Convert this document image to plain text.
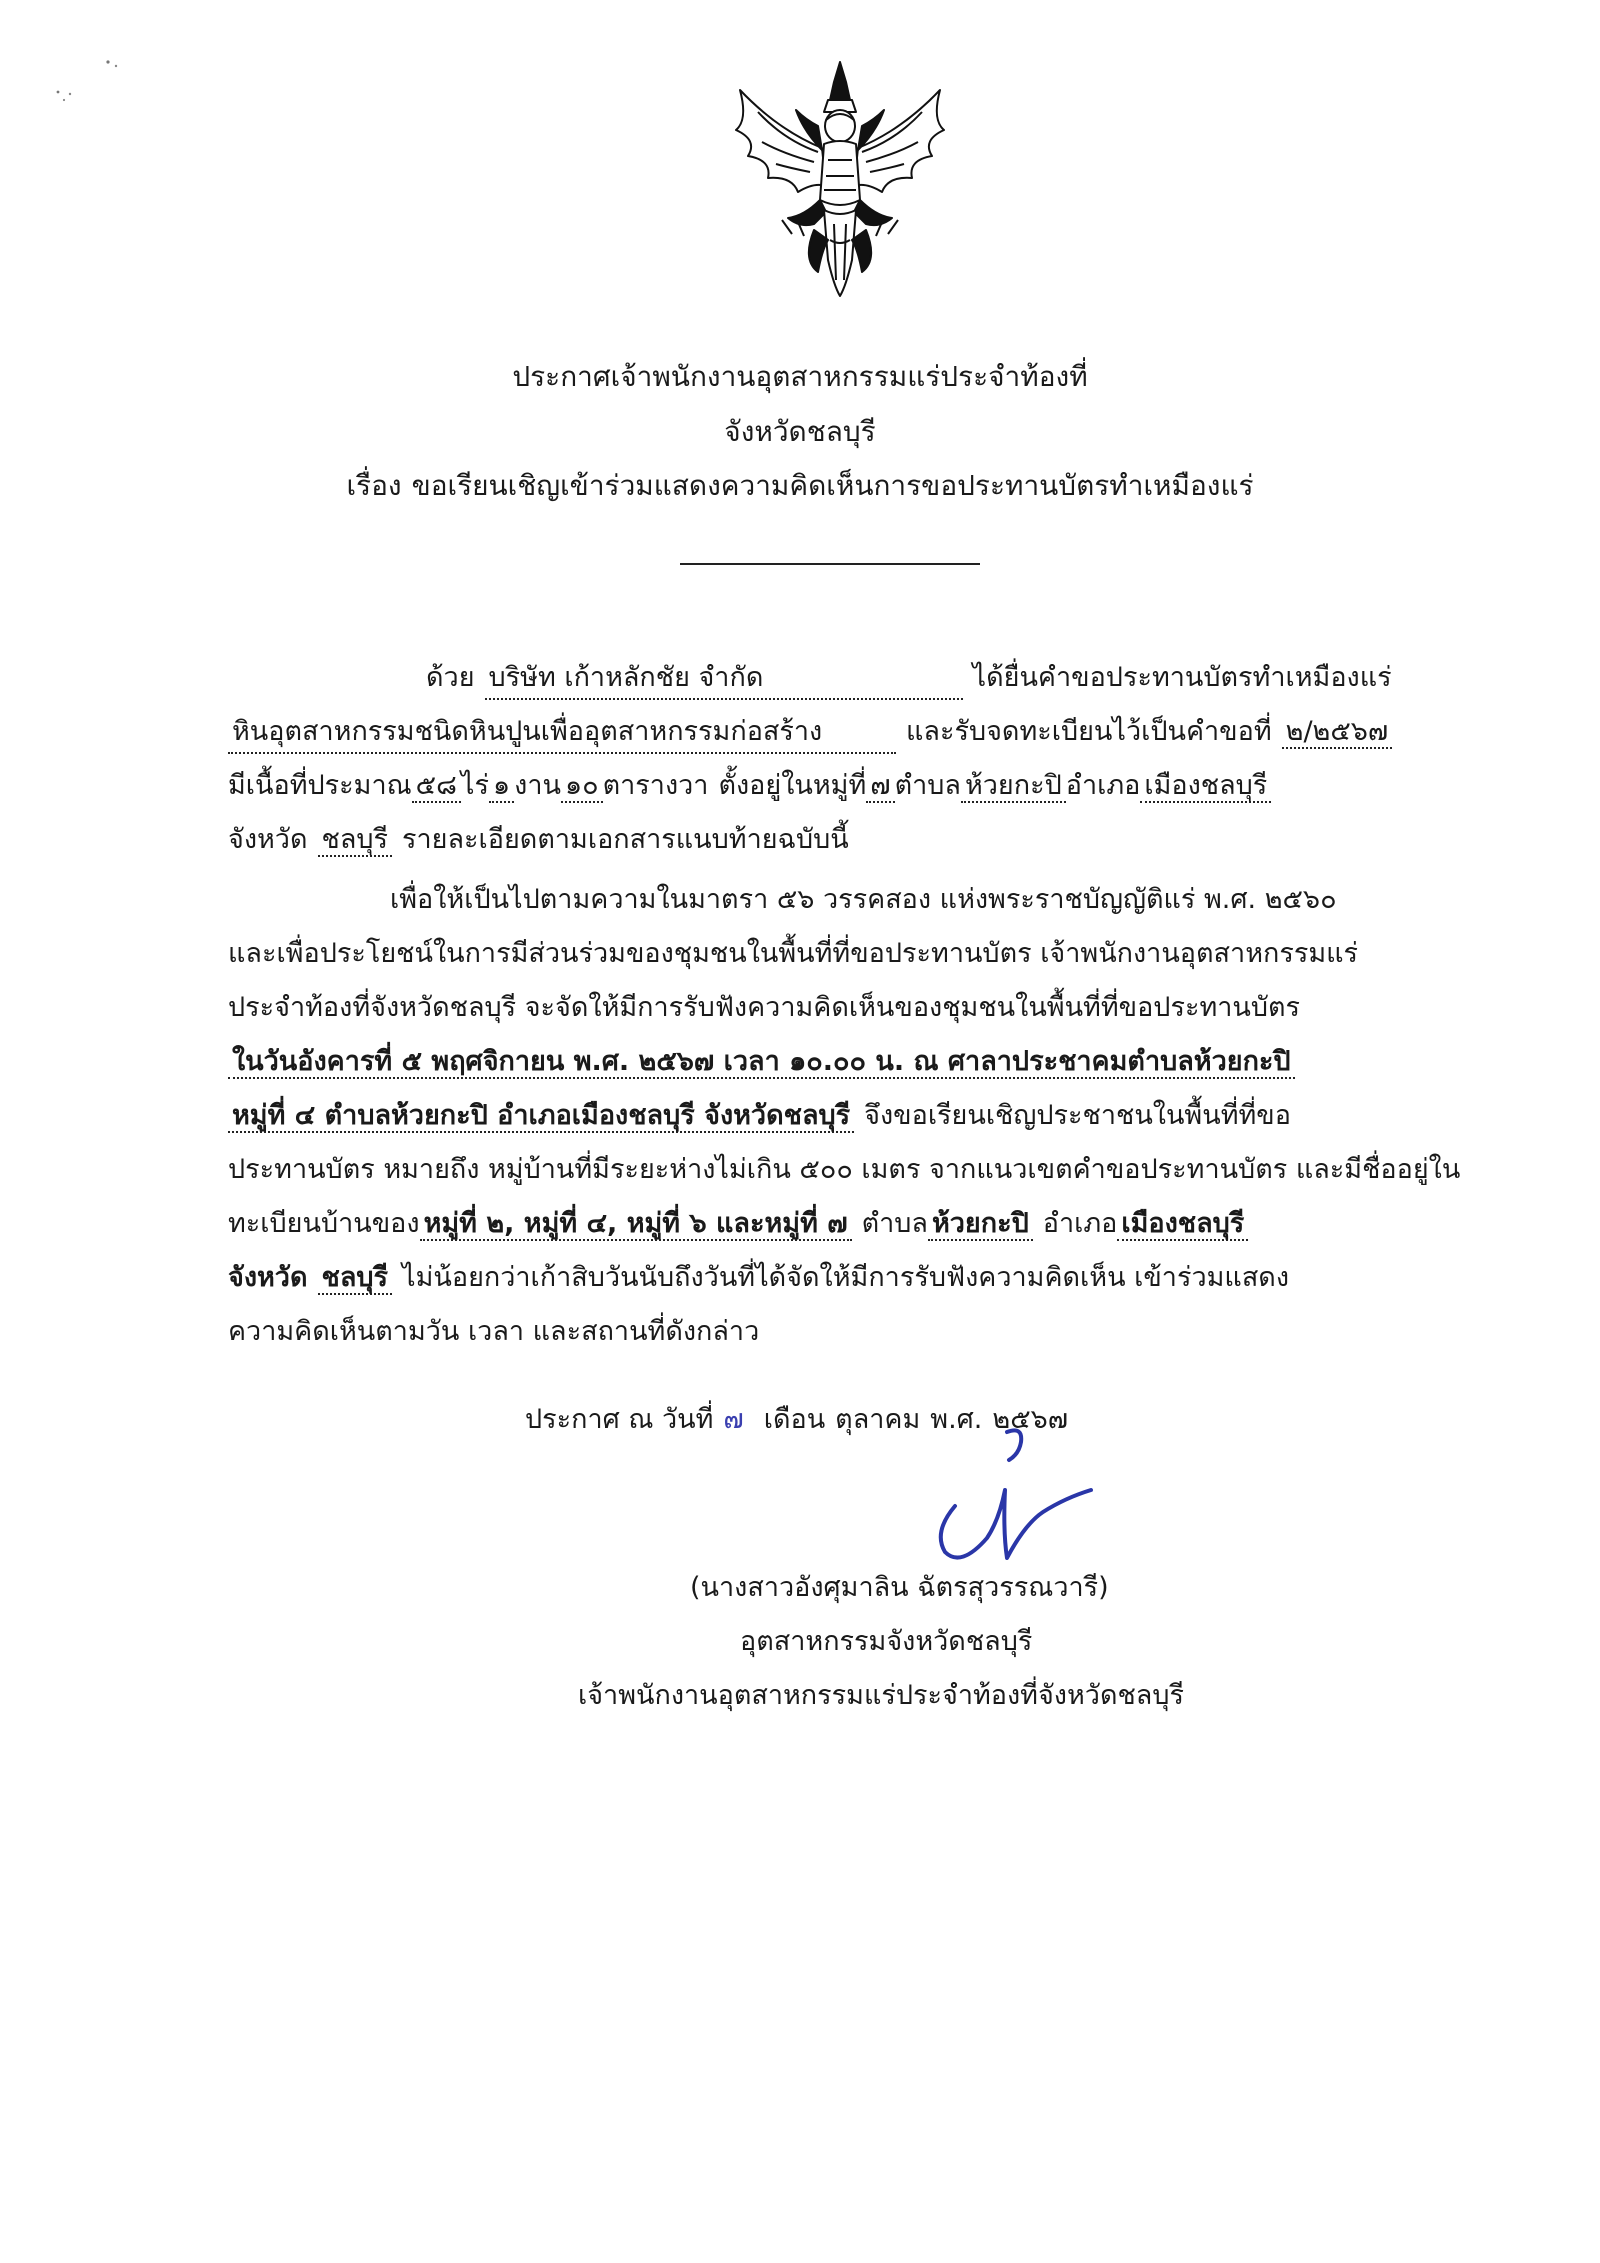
ประกาศเจ้าพนักงานอุตสาหกรรมแร่ประจำท้องที่
จังหวัดชลบุรี
เรื่อง ขอเรียนเชิญเข้าร่วมแสดงความคิดเห็นการขอประทานบัตรทำเหมืองแร่
ด้วย บริษัท เก้าหลักชัย จำกัด	ได้ยื่นคำขอประทานบัตรทำเหมืองแร่
หินอุตสาหกรรมชนิดหินปูนเพื่ออุตสาหกรรมก่อสร้าง	และรับจดทะเบียนไว้เป็นคำขอที่ ๒/๒๕๖๗
มีเนื้อที่ประมาณ ๕๘ ไร่ ๑ งาน ๑๐ ตารางวา ตั้งอยู่ในหมู่ที่ ๗ ตำบล ห้วยกะปิ อำเภอ เมืองชลบุรี
จังหวัด ชลบุรี รายละเอียดตามเอกสารแนบท้ายฉบับนี้
เพื่อให้เป็นไปตามความในมาตรา ๕๖ วรรคสอง แห่งพระราชบัญญัติแร่ พ.ศ. ๒๕๖๐
และเพื่อประโยชน์ในการมีส่วนร่วมของชุมชนในพื้นที่ที่ขอประทานบัตร เจ้าพนักงานอุตสาหกรรมแร่
ประจำท้องที่จังหวัดชลบุรี จะจัดให้มีการรับฟังความคิดเห็นของชุมชนในพื้นที่ที่ขอประทานบัตร
ในวันอังคารที่ ๕ พฤศจิกายน พ.ศ. ๒๕๖๗ เวลา ๑๐.๐๐ น. ณ ศาลาประชาคมตำบลห้วยกะปิ
หมู่ที่ ๔ ตำบลห้วยกะปิ อำเภอเมืองชลบุรี จังหวัดชลบุรี จึงขอเรียนเชิญประชาชนในพื้นที่ที่ขอ
ประทานบัตร หมายถึง หมู่บ้านที่มีระยะห่างไม่เกิน ๕๐๐ เมตร จากแนวเขตคำขอประทานบัตร และมีชื่ออยู่ใน
ทะเบียนบ้านของ หมู่ที่ ๒, หมู่ที่ ๔, หมู่ที่ ๖ และหมู่ที่ ๗ ตำบล ห้วยกะปิ อำเภอ เมืองชลบุรี
จังหวัด ชลบุรี ไม่น้อยกว่าเก้าสิบวันนับถึงวันที่ได้จัดให้มีการรับฟังความคิดเห็น เข้าร่วมแสดง
ความคิดเห็นตามวัน เวลา และสถานที่ดังกล่าว
ประกาศ ณ วันที่ ๗ เดือน ตุลาคม พ.ศ. ๒๕๖๗
(นางสาวอังศุมาลิน ฉัตรสุวรรณวารี)
อุตสาหกรรมจังหวัดชลบุรี
เจ้าพนักงานอุตสาหกรรมแร่ประจำท้องที่จังหวัดชลบุรี
